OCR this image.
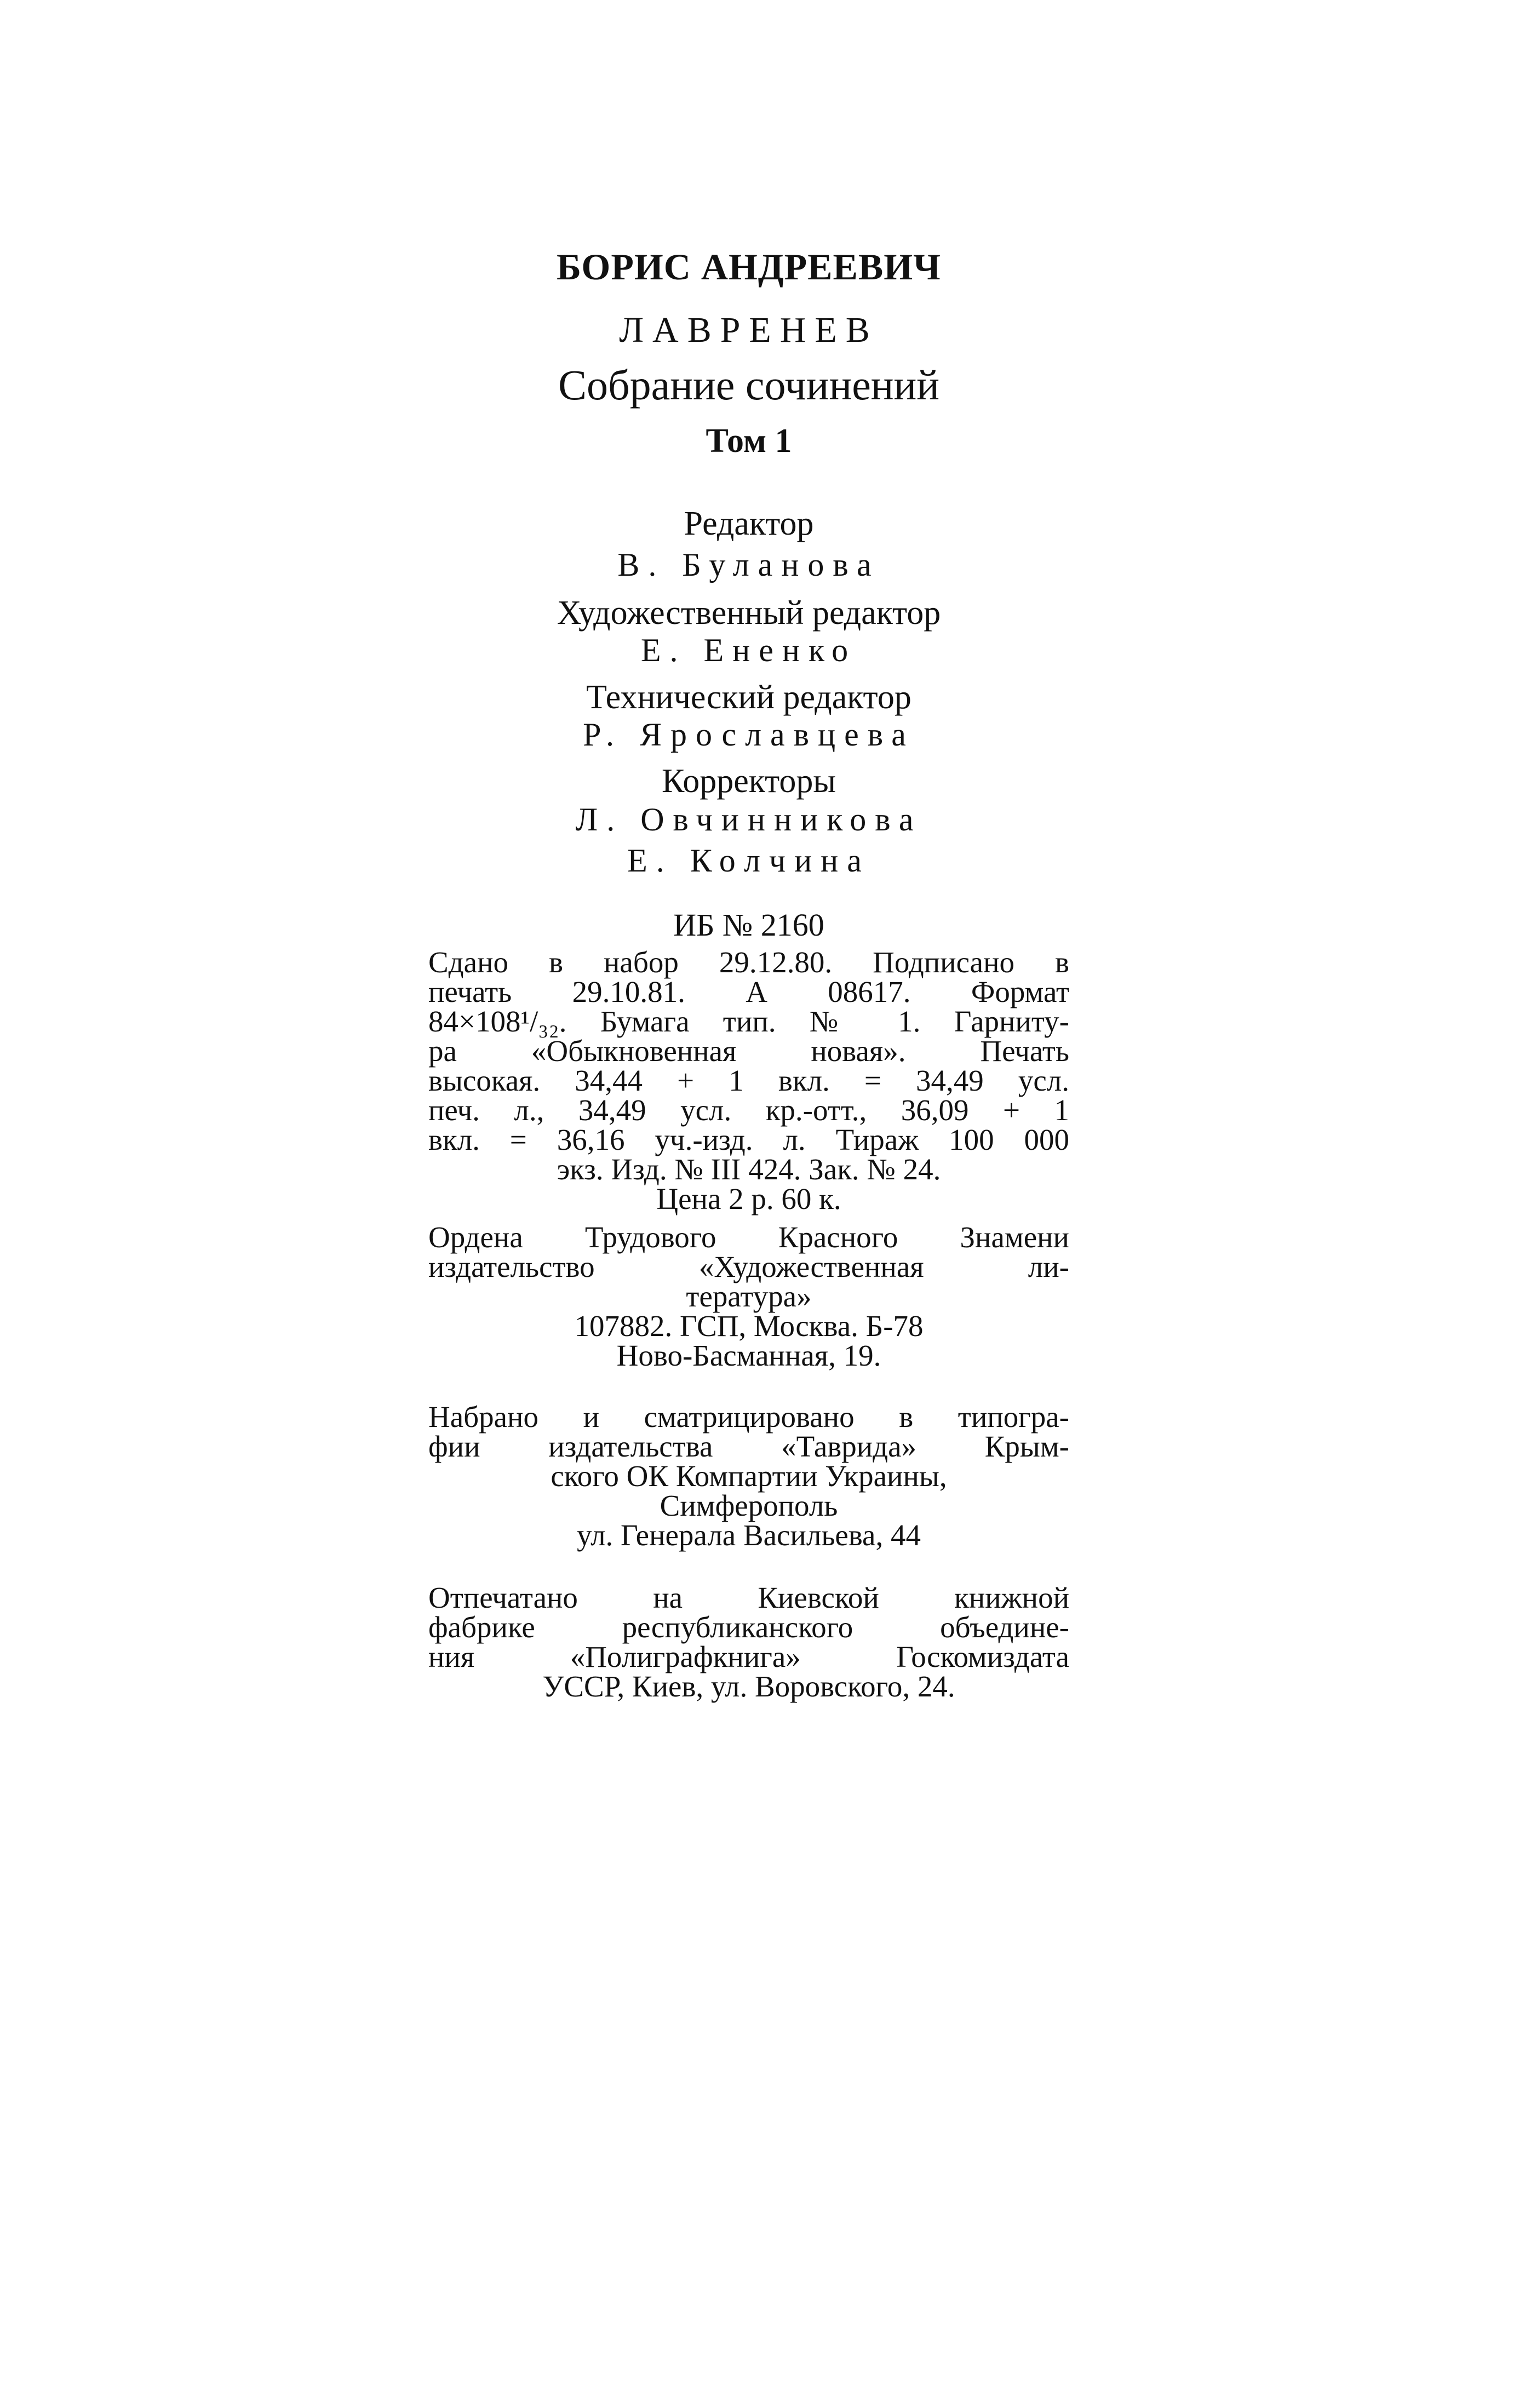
БОРИС АНДРЕЕВИЧ
ЛАВРЕНЕВ
Собрание сочинений
Том 1
Редактор
В. Буланова
Художественный редактор
Е. Ененко
Технический редактор
Р. Ярославцева
Корректоры
Л. Овчинникова
Е. Колчина
ИБ № 2160
Сдано в набор 29.12.80. Подписано в
печать 29.10.81. А 08617. Формат
84×108¹/₃₂. Бумага тип. № 1. Гарниту-
ра «Обыкновенная новая». Печать
высокая. 34,44 + 1 вкл. = 34,49 усл.
печ. л., 34,49 усл. кр.-отт., 36,09 + 1
вкл. = 36,16 уч.-изд. л. Тираж 100 000
экз. Изд. № III 424. Зак. № 24.
Цена 2 р. 60 к.
Ордена Трудового Красного Знамени
издательство «Художественная ли-
тература»
107882. ГСП, Москва. Б-78
Ново-Басманная, 19.
Набрано и сматрицировано в типогра-
фии издательства «Таврида» Крым-
ского ОК Компартии Украины,
Симферополь
ул. Генерала Васильева, 44
Отпечатано на Киевской книжной
фабрике республиканского объедине-
ния «Полиграфкнига» Госкомиздата
УССР, Киев, ул. Воровского, 24.
